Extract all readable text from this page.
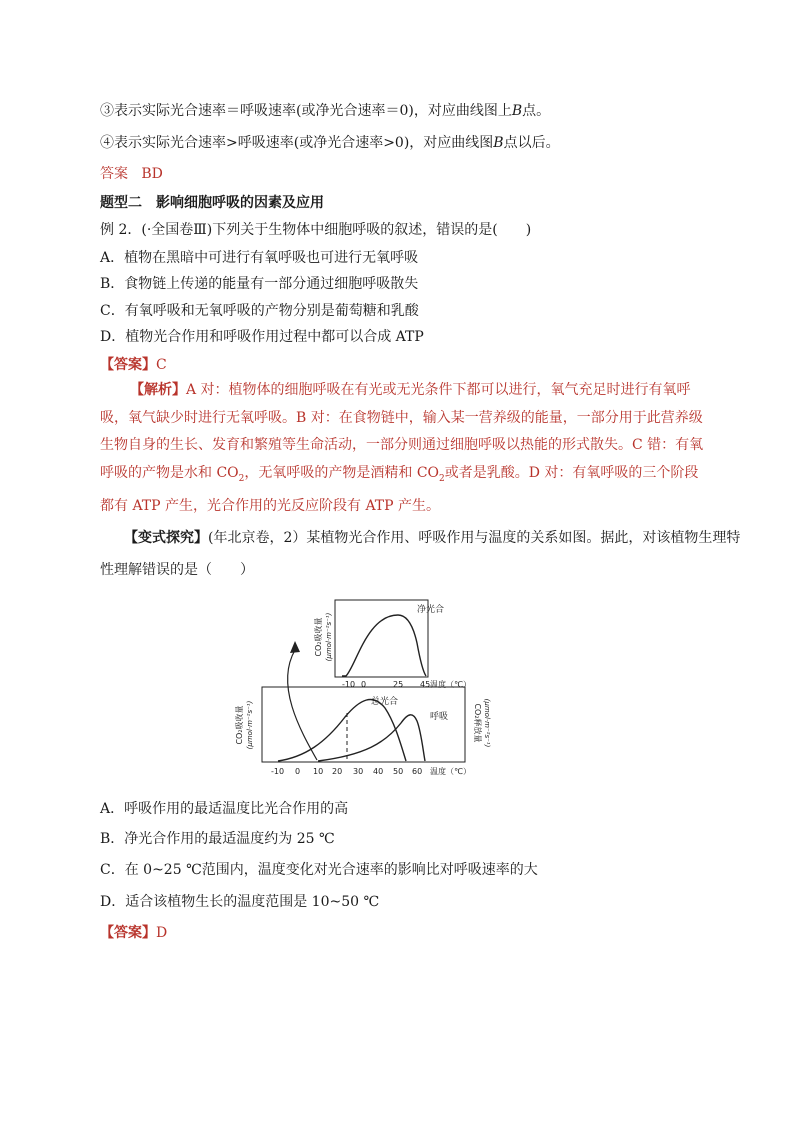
③表示实际光合速率＝呼吸速率(或净光合速率＝0)，对应曲线图上B点。
④表示实际光合速率>呼吸速率(或净光合速率>0)，对应曲线图B点以后。
答案 BD
题型二　影响细胞呼吸的因素及应用
例 2．(·全国卷Ⅲ)下列关于生物体中细胞呼吸的叙述，错误的是(　　)
A．植物在黑暗中可进行有氧呼吸也可进行无氧呼吸
B．食物链上传递的能量有一部分通过细胞呼吸散失
C．有氧呼吸和无氧呼吸的产物分别是葡萄糖和乳酸
D．植物光合作用和呼吸作用过程中都可以合成 ATP
【答案】C
【解析】A 对：植物体的细胞呼吸在有光或无光条件下都可以进行，氧气充足时进行有氧呼吸，氧气缺少时进行无氧呼吸。B 对：在食物链中，输入某一营养级的能量，一部分用于此营养级生物自身的生长、发育和繁殖等生命活动，一部分则通过细胞呼吸以热能的形式散失。C 错：有氧呼吸的产物是水和 $CO_2$，无氧呼吸的产物是酒精和 $CO_2$或者是乳酸。D 对：有氧呼吸的三个阶段都有 ATP 产生，光合作用的光反应阶段有 ATP 产生。
【变式探究】(年北京卷，2）某植物光合作用、呼吸作用与温度的关系如图。据此，对该植物生理特
性理解错误的是（　　）
净光合
-10 0	25 45 温度（℃）
CO₂吸收量 (μmol·m⁻²s⁻¹)
总光合
呼吸
-10 0 10 20 30 40 50 60 温度（℃）
CO₂吸收量 (μmol·m⁻²s⁻¹)	CO₂释放量 (μmol·m⁻²s⁻¹)
A．呼吸作用的最适温度比光合作用的高
B．净光合作用的最适温度约为 25 ℃
C．在 0~25 ℃范围内，温度变化对光合速率的影响比对呼吸速率的大
D．适合该植物生长的温度范围是 10~50 ℃
【答案】D
